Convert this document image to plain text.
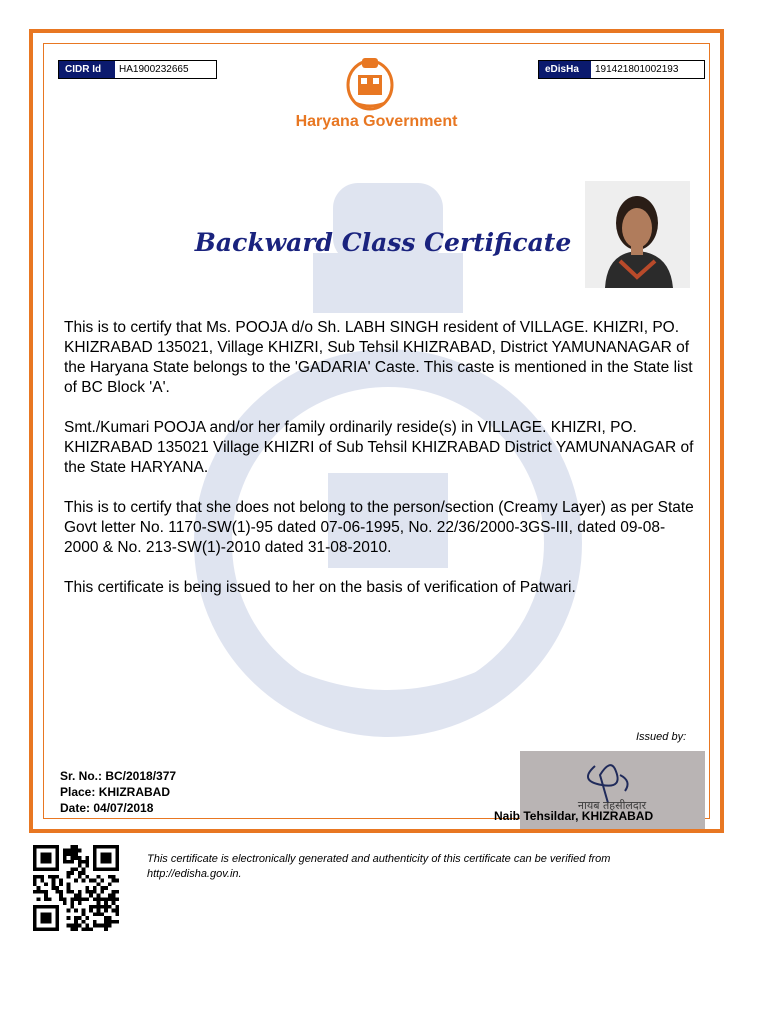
CIDR Id	HA1900232665	eDisHa	191421801002193
Haryana Government
Backward Class Certificate

This is to certify that Ms. POOJA d/o Sh. LABH SINGH resident of VILLAGE. KHIZRI, PO. KHIZRABAD 135021, Village KHIZRI, Sub Tehsil KHIZRABAD, District YAMUNANAGAR of the Haryana State belongs to the 'GADARIA' Caste. This caste is mentioned in the State list of BC Block 'A'.

Smt./Kumari POOJA and/or her family ordinarily reside(s) in VILLAGE. KHIZRI, PO. KHIZRABAD 135021 Village KHIZRI of Sub Tehsil KHIZRABAD District YAMUNANAGAR of the State HARYANA.

This is to certify that she does not belong to the person/section (Creamy Layer) as per State Govt letter No. 1170-SW(1)-95 dated 07-06-1995, No. 22/36/2000-3GS-III, dated 09-08-2000 & No. 213-SW(1)-2010 dated 31-08-2010.

This certificate is being issued to her on the basis of verification of Patwari.

Issued by:
Sr. No.: BC/2018/377
Place: KHIZRABAD
Date: 04/07/2018	नायब तहसीलदार
Naib Tehsildar, KHIZRABAD
This certificate is electronically generated and authenticity of this certificate can be verified from http://edisha.gov.in.
